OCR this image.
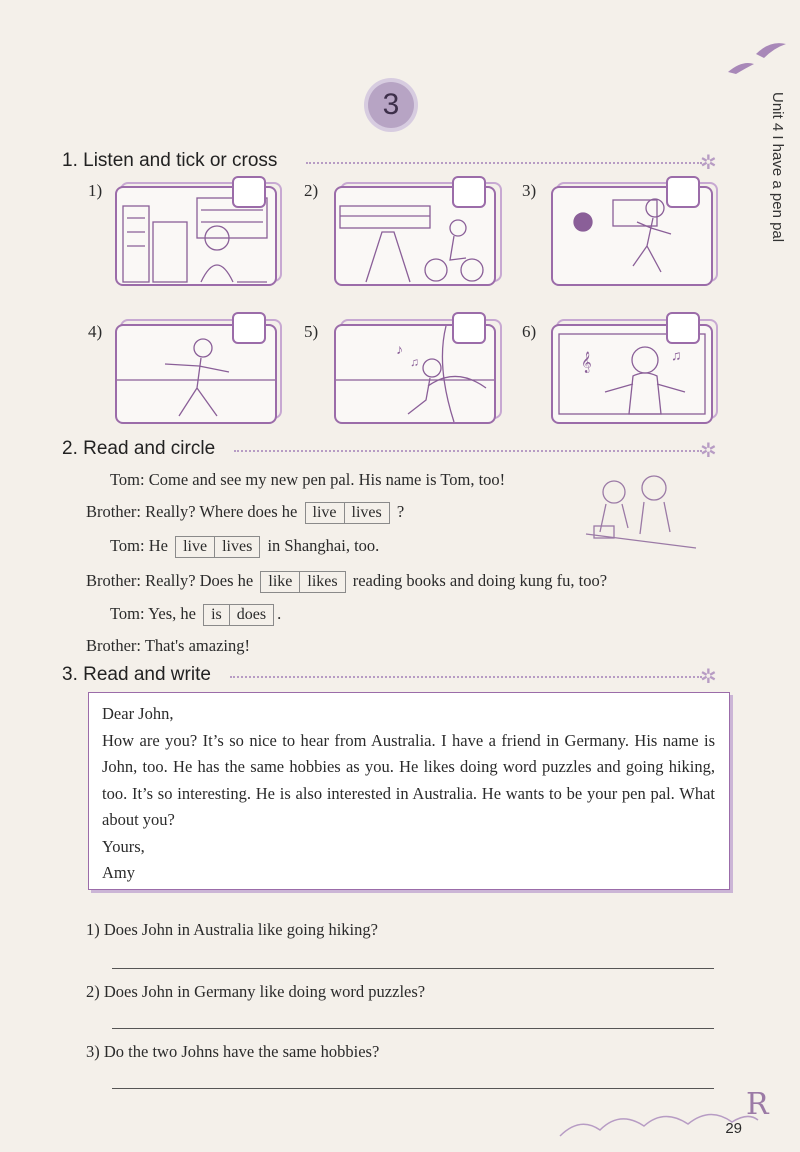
3	Unit 4 I have a pen pal
1. Listen and tick or cross	✲
1)	2)	3)
4)	5)
♪
♫
6)
𝄞	♫
2. Read and circle	✲
Tom: Come and see my new pen pal. His name is Tom, too!
Brother: Really? Where does he live lives ?
Tom: He live lives in Shanghai, too.
Brother: Really? Does he like likes reading books and doing kung fu, too?
Tom: Yes, he is does .
Brother: That's amazing!
3. Read and write	✲
Dear John,
How are you? It’s so nice to hear from Australia. I have a friend in Germany. His name is John, too. He has the same hobbies as you. He likes doing word puzzles and going hiking, too. It’s so interesting. He is also interested in Australia. He wants to be your pen pal. What about you?
Yours,
Amy
1) Does John in Australia like going hiking?
2) Does John in Germany like doing word puzzles?
3) Do the two Johns have the same hobbies?
R
29
